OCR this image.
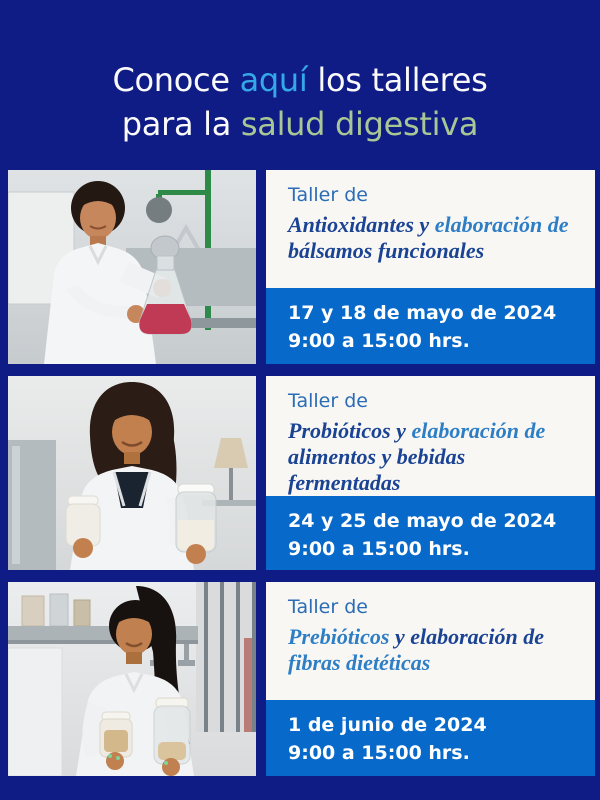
Conoce aquí los talleres
para la salud digestiva
Taller de
Antioxidantes y elaboración de bálsamos funcionales
17 y 18 de mayo de 2024
9:00 a 15:00 hrs.
Taller de
Probióticos y elaboración de alimentos y bebidas fermentadas
24 y 25 de mayo de 2024
9:00 a 15:00 hrs.
Taller de
Prebióticos y elaboración de fibras dietéticas
1 de junio de 2024
9:00 a 15:00 hrs.
